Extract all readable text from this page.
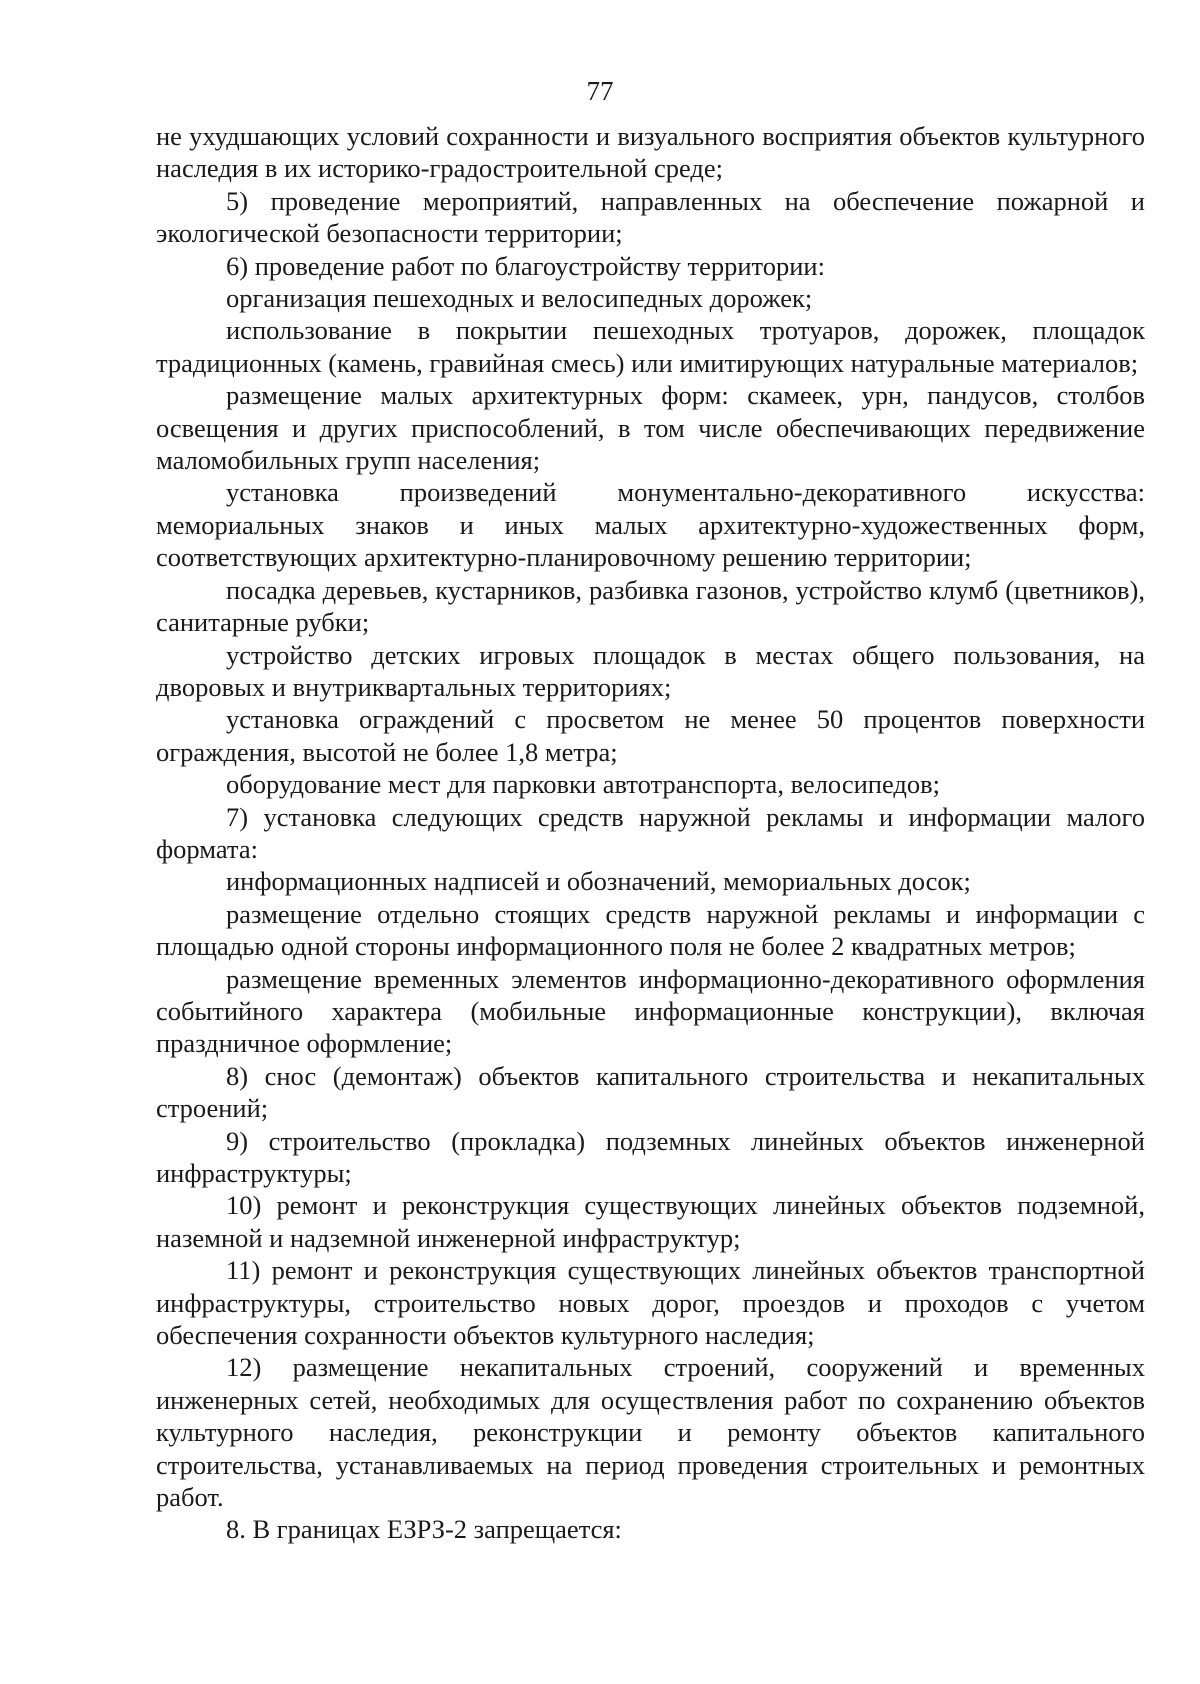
77

не ухудшающих условий сохранности и визуального восприятия объектов культурного наследия в их историко-градостроительной среде;

5) проведение мероприятий, направленных на обеспечение пожарной и экологической безопасности территории;

6) проведение работ по благоустройству территории:

организация пешеходных и велосипедных дорожек;

использование в покрытии пешеходных тротуаров, дорожек, площадок традиционных (камень, гравийная смесь) или имитирующих натуральные материалов;

размещение малых архитектурных форм: скамеек, урн, пандусов, столбов освещения и других приспособлений, в том числе обеспечивающих передвижение маломобильных групп населения;

установка произведений монументально-декоративного искусства: мемориальных знаков и иных малых архитектурно-художественных форм, соответствующих архитектурно-планировочному решению территории;

посадка деревьев, кустарников, разбивка газонов, устройство клумб (цветников), санитарные рубки;

устройство детских игровых площадок в местах общего пользования, на дворовых и внутриквартальных территориях;

установка ограждений с просветом не менее 50 процентов поверхности ограждения, высотой не более 1,8 метра;

оборудование мест для парковки автотранспорта, велосипедов;

7) установка следующих средств наружной рекламы и информации малого формата:

информационных надписей и обозначений, мемориальных досок;

размещение отдельно стоящих средств наружной рекламы и информации с площадью одной стороны информационного поля не более 2 квадратных метров;

размещение временных элементов информационно-декоративного оформления событийного характера (мобильные информационные конструкции), включая праздничное оформление;

8) снос (демонтаж) объектов капитального строительства и некапитальных строений;

9) строительство (прокладка) подземных линейных объектов инженерной инфраструктуры;

10) ремонт и реконструкция существующих линейных объектов подземной, наземной и надземной инженерной инфраструктур;

11) ремонт и реконструкция существующих линейных объектов транспортной инфраструктуры, строительство новых дорог, проездов и проходов с учетом обеспечения сохранности объектов культурного наследия;

12) размещение некапитальных строений, сооружений и временных инженерных сетей, необходимых для осуществления работ по сохранению объектов культурного наследия, реконструкции и ремонту объектов капитального строительства, устанавливаемых на период проведения строительных и ремонтных работ.

8. В границах ЕЗРЗ-2 запрещается:
